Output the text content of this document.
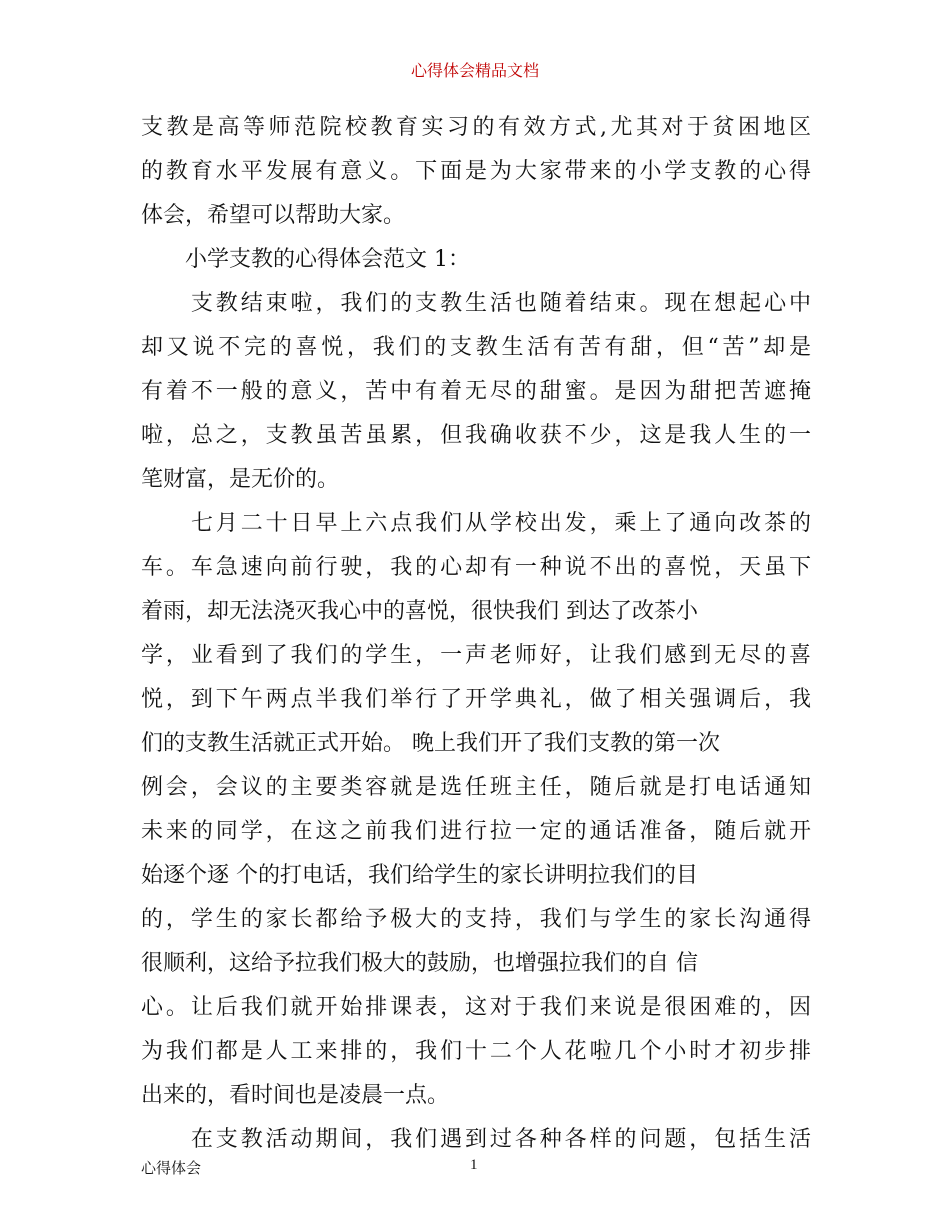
心得体会精品文档
支教是高等师范院校教育实习的有效方式,尤其对于贫困地区
的教育水平发展有意义。下面是为大家带来的小学支教的心得
体会，希望可以帮助大家。
　　小学支教的心得体会范文 1：
　　支教结束啦，我们的支教生活也随着结束。现在想起心中
却又说不完的喜悦，我们的支教生活有苦有甜，但“苦”却是
有着不一般的意义，苦中有着无尽的甜蜜。是因为甜把苦遮掩
啦，总之，支教虽苦虽累，但我确收获不少，这是我人生的一
笔财富，是无价的。
　　七月二十日早上六点我们从学校出发，乘上了通向改茶的
车。车急速向前行驶，我的心却有一种说不出的喜悦，天虽下
着雨，却无法浇灭我心中的喜悦，很快我们 到达了改茶小
学，业看到了我们的学生，一声老师好，让我们感到无尽的喜
悦，到下午两点半我们举行了开学典礼，做了相关强调后，我
们的支教生活就正式开始。 晚上我们开了我们支教的第一次
例会，会议的主要类容就是选任班主任，随后就是打电话通知
未来的同学，在这之前我们进行拉一定的通话准备，随后就开
始逐个逐 个的打电话，我们给学生的家长讲明拉我们的目
的，学生的家长都给予极大的支持，我们与学生的家长沟通得
很顺利，这给予拉我们极大的鼓励，也增强拉我们的自 信
心。让后我们就开始排课表，这对于我们来说是很困难的，因
为我们都是人工来排的，我们十二个人花啦几个小时才初步排
出来的，看时间也是凌晨一点。
　　在支教活动期间，我们遇到过各种各样的问题，包括生活
心得体会	1
